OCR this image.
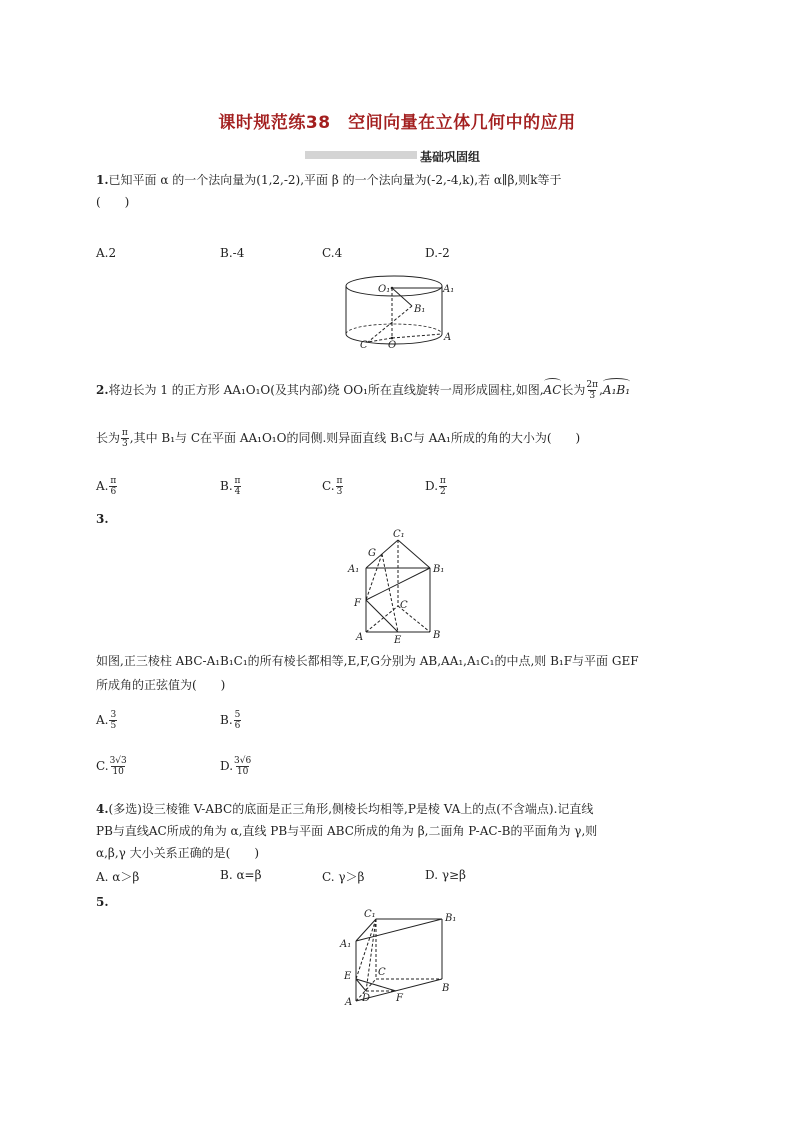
课时规范练38　空间向量在立体几何中的应用
基础巩固组
1.已知平面 α 的一个法向量为(1,2,-2),平面 β 的一个法向量为(-2,-4,k),若 α∥β,则k等于
(　　)
A.2	B.-4	C.4	D.-2
O₁	A₁
B₁
C O
A
2.将边长为 1 的正方形 AA₁O₁O(及其内部)绕 OO₁所在直线旋转一周形成圆柱,如图,AC长为 $\frac{2\pi}{3} ,A_1B_1$
长为 $\frac{\pi}{3}$ ,其中 B₁与 C在平面 AA₁O₁O的同侧.则异面直线 B₁C与 AA₁所成的角的大小为(　　)
A. $\frac{\pi}{6}$	B. $\frac{\pi}{4}$	C. $\frac{\pi}{3}$	D. $\frac{\pi}{2}$
3.
C₁
G
A₁	B₁
F	C
A	E	B
如图,正三棱柱 ABC-A₁B₁C₁的所有棱长都相等,E,F,G分别为 AB,AA₁,A₁C₁的中点,则 B₁F与平面 GEF
所成角的正弦值为(　　)
A. $\frac{3}{5}$	B. $\frac{5}{6}$
C. $\frac{3√3}{10}$	D. $\frac{3√6}{10}$
4.(多选)设三棱锥 V-ABC的底面是正三角形,侧棱长均相等,P是棱 VA上的点(不含端点).记直线
PB与直线AC所成的角为 α,直线 PB与平面 ABC所成的角为 β,二面角 P-AC-B的平面角为 γ,则
α,β,γ 大小关系正确的是(　　)
A. α＞β	B. α=β	C. γ＞β	D. γ≥β
5.
C₁	B₁
A₁
E	C
A D	F
B
